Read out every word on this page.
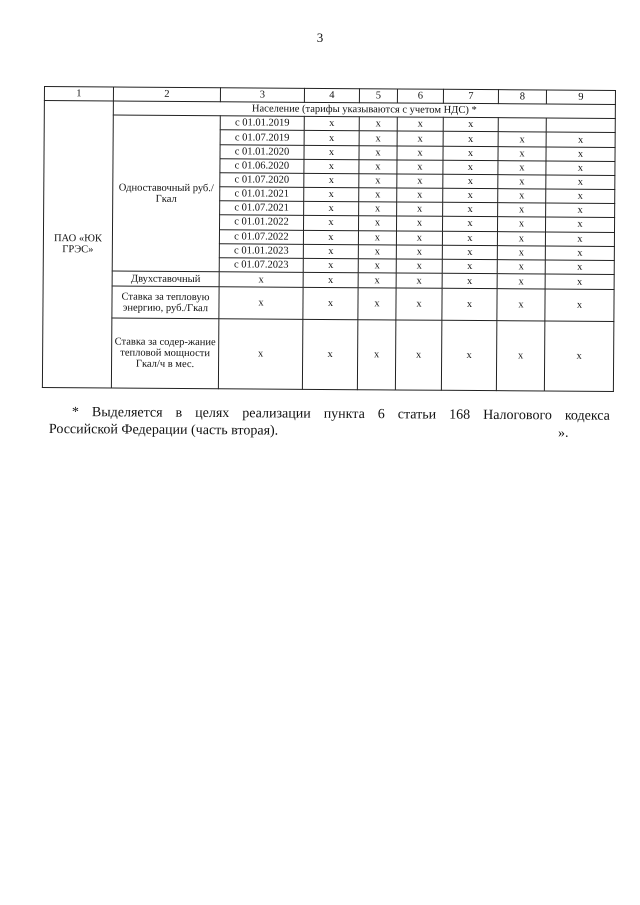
3
1	2	3	4	5	6	7	8	9
ПАО «ЮК ГРЭС»	Население (тарифы указываются с учетом НДС) *							
	Одноставочный руб./Гкал	с 01.01.2019	x	x	x	x		
		с 01.07.2019	x	x	x	x	x	x
		с 01.01.2020	x	x	x	x	x	x
		с 01.06.2020	x	x	x	x	x	x
		с 01.07.2020	x	x	x	x	x	x
		с 01.01.2021	x	x	x	x	x	x
		с 01.07.2021	x	x	x	x	x	x
		с 01.01.2022	x	x	x	x	x	x
		с 01.07.2022	x	x	x	x	x	x
		с 01.01.2023	x	x	x	x	x	x
		с 01.07.2023	x	x	x	x	x	x
	Двухставочный	x	x	x	x	x	x	x
	Ставка за тепловую энергию, руб./Гкал	x	x	x	x	x	x	x
	Ставка за содер-жание тепловой мощности Гкал/ч в мес.	x	x	x	x	x	x	x
* Выделяется в целях реализации пункта 6 статьи 168 Налогового кодекса
Российской Федерации (часть вторая).	».
